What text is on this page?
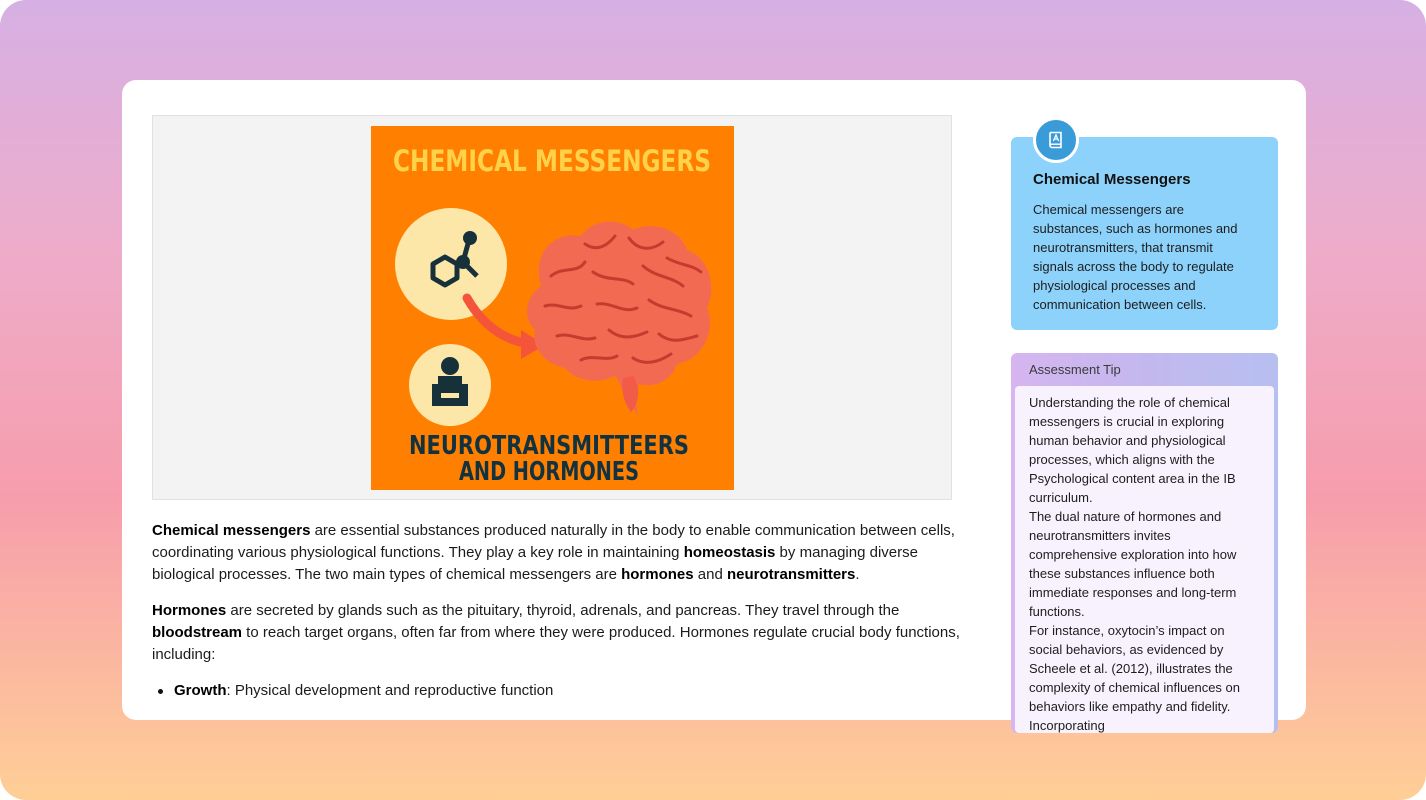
CHEMICAL MESSENGERS
NEUROTRANSMITTEERS
AND HORMONES

Chemical messengers are essential substances produced naturally in the body to enable communication between cells, coordinating various physiological functions. They play a key role in maintaining homeostasis by managing diverse biological processes. The two main types of chemical messengers are hormones and neurotransmitters.

Hormones are secreted by glands such as the pituitary, thyroid, adrenals, and pancreas. They travel through the bloodstream to reach target organs, often far from where they were produced. Hormones regulate crucial body functions, including:

Growth: Physical development and reproductive function
Chemical Messengers

Chemical messengers are substances, such as hormones and neurotransmitters, that transmit signals across the body to regulate physiological processes and communication between cells.

Assessment Tip

Understanding the role of chemical messengers is crucial in exploring human behavior and physiological processes, which aligns with the Psychological content area in the IB curriculum.

The dual nature of hormones and neurotransmitters invites comprehensive exploration into how these substances influence both immediate responses and long-term functions.

For instance, oxytocin’s impact on social behaviors, as evidenced by Scheele et al. (2012), illustrates the complexity of chemical influences on behaviors like empathy and fidelity. Incorporating
